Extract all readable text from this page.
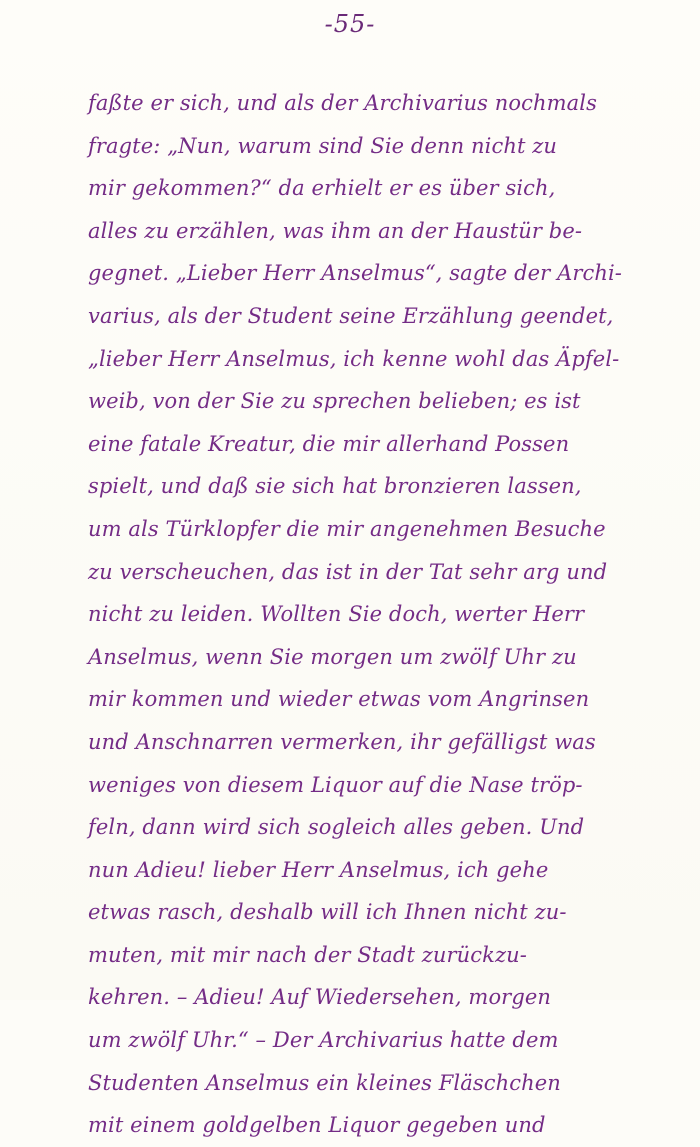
-55-
faßte er sich, und als der Archivarius nochmals
fragte: „Nun, warum sind Sie denn nicht zu
mir gekommen?“ da erhielt er es über sich,
alles zu erzählen, was ihm an der Haustür be-
gegnet. „Lieber Herr Anselmus“, sagte der Archi-
varius, als der Student seine Erzählung geendet,
„lieber Herr Anselmus, ich kenne wohl das Äpfel-
weib, von der Sie zu sprechen belieben; es ist
eine fatale Kreatur, die mir allerhand Possen
spielt, und daß sie sich hat bronzieren lassen,
um als Türklopfer die mir angenehmen Besuche
zu verscheuchen, das ist in der Tat sehr arg und
nicht zu leiden. Wollten Sie doch, werter Herr
Anselmus, wenn Sie morgen um zwölf Uhr zu
mir kommen und wieder etwas vom Angrinsen
und Anschnarren vermerken, ihr gefälligst was
weniges von diesem Liquor auf die Nase tröp-
feln, dann wird sich sogleich alles geben. Und
nun Adieu! lieber Herr Anselmus, ich gehe
etwas rasch, deshalb will ich Ihnen nicht zu-
muten, mit mir nach der Stadt zurückzu-
kehren. – Adieu! Auf Wiedersehen, morgen
um zwölf Uhr.“ – Der Archivarius hatte dem
Studenten Anselmus ein kleines Fläschchen
mit einem goldgelben Liquor gegeben und
